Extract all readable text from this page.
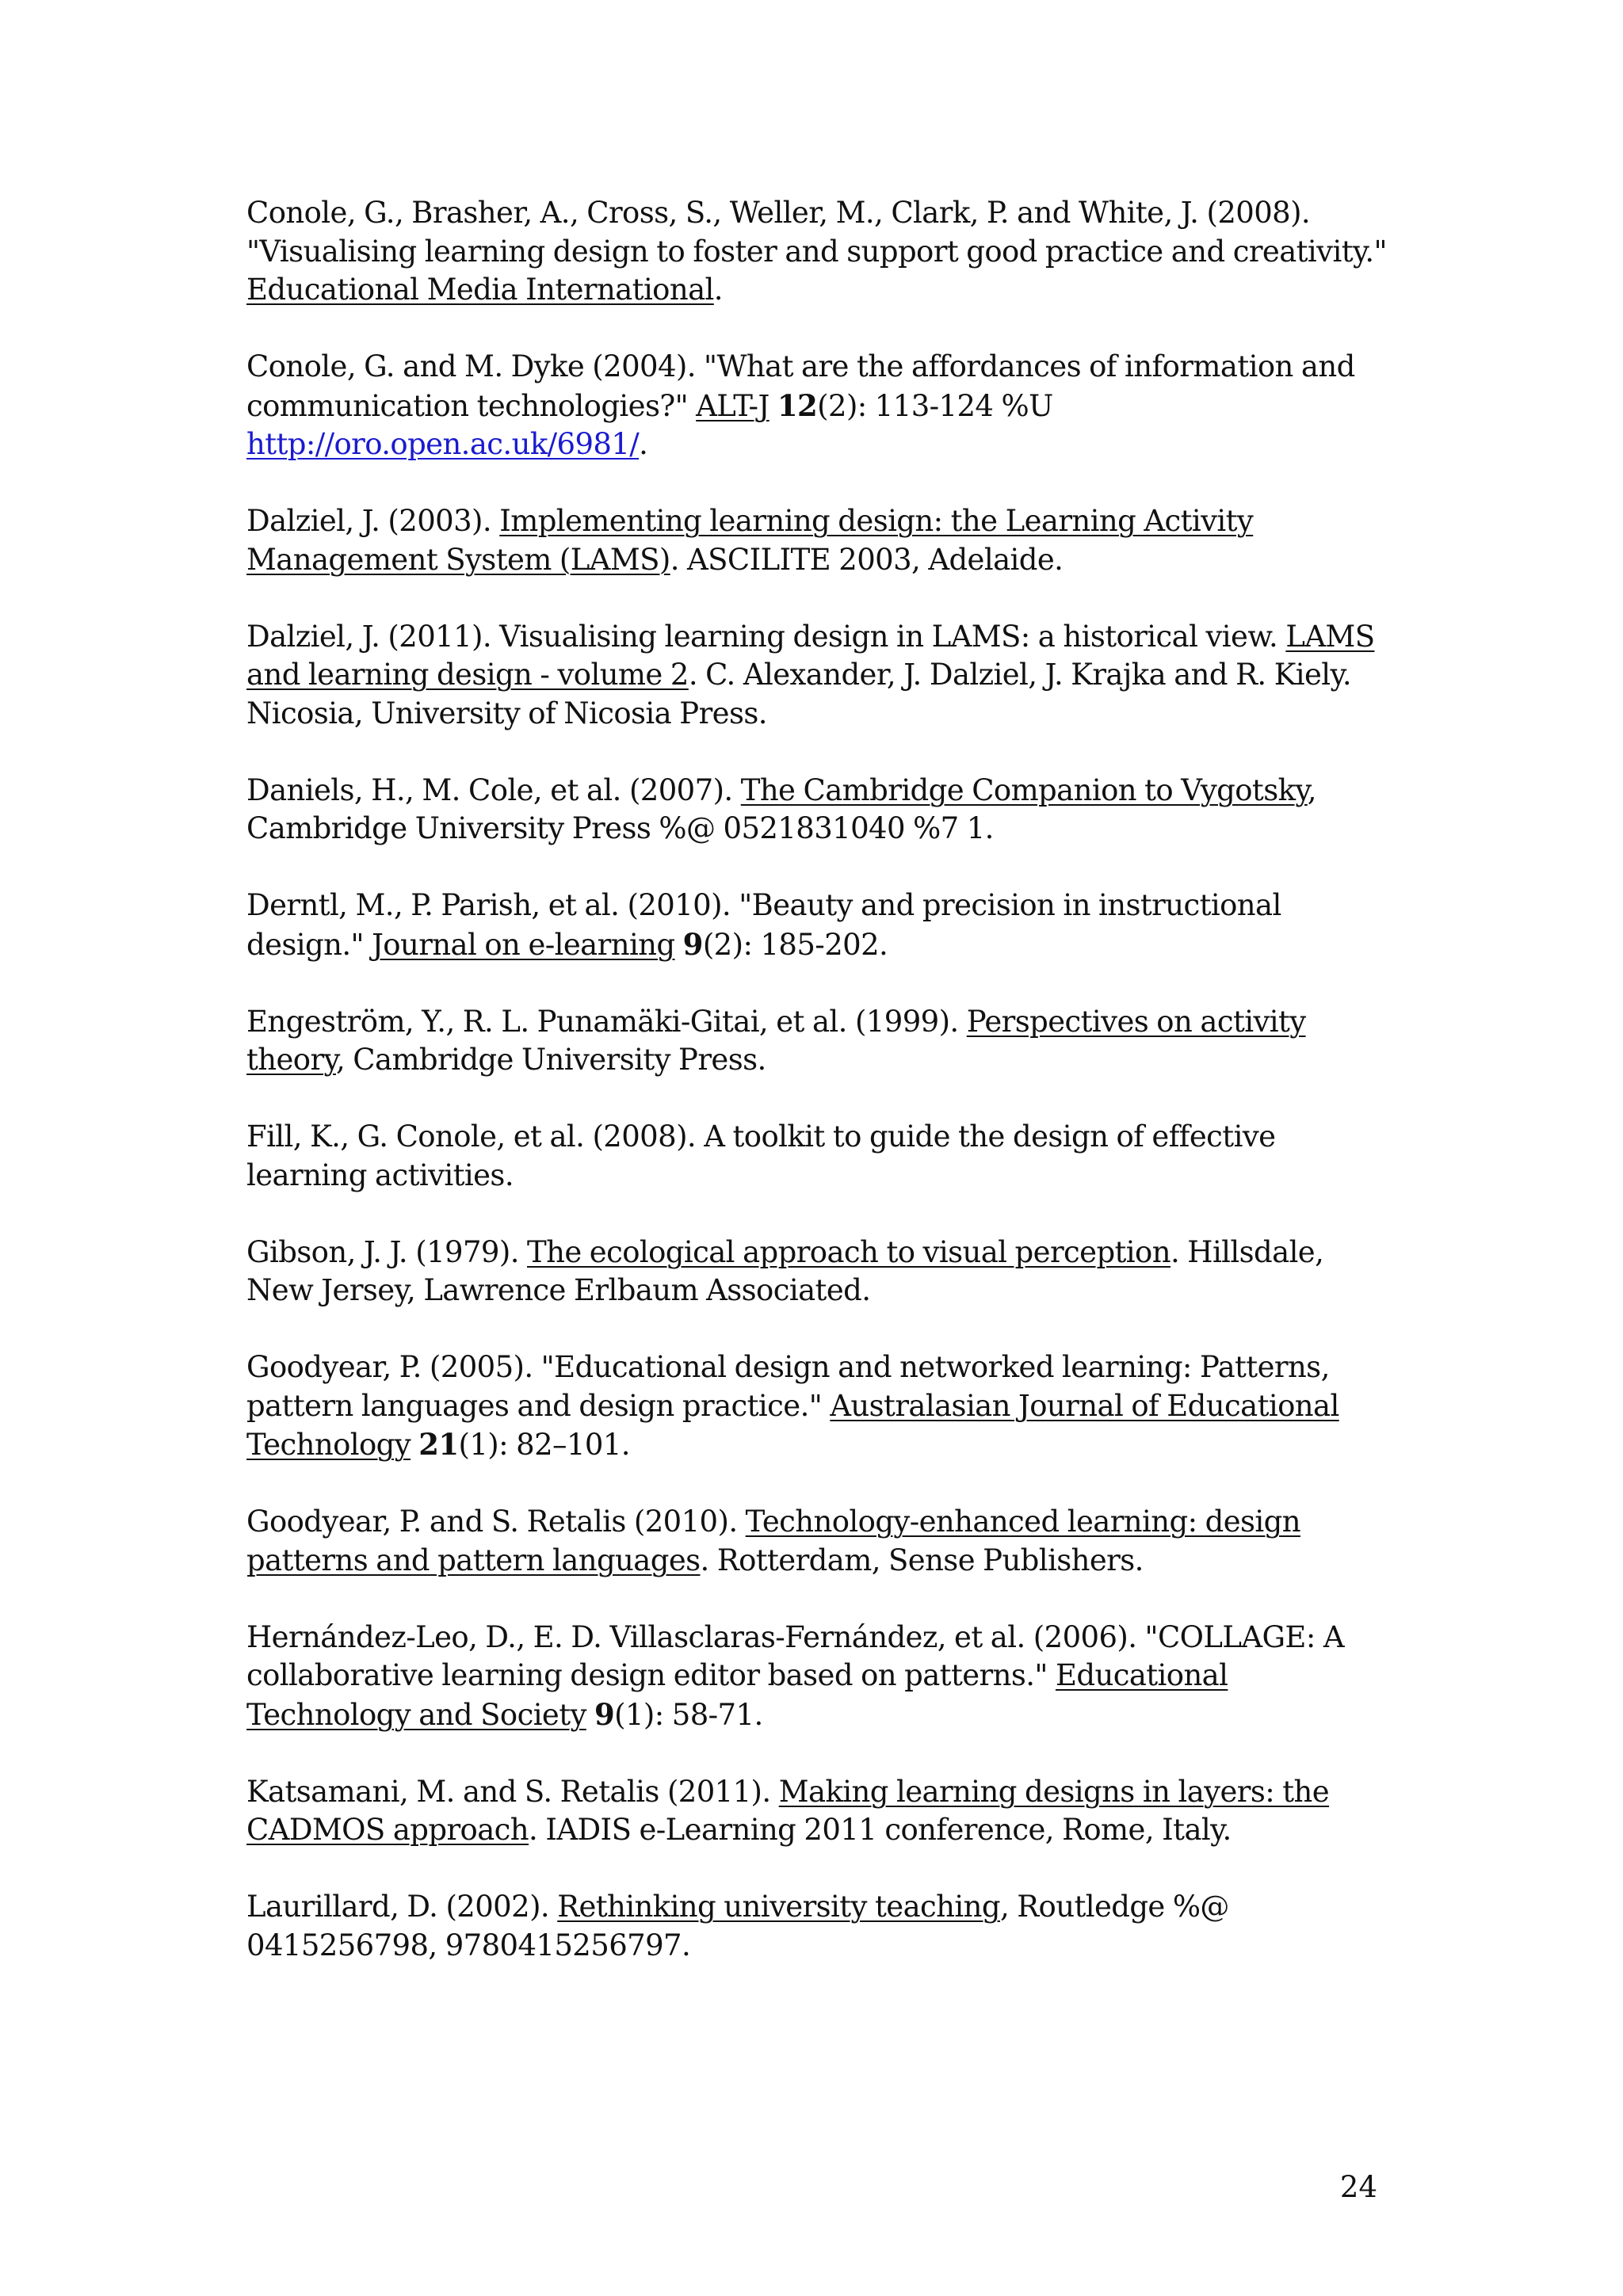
Conole, G., Brasher, A., Cross, S., Weller, M., Clark, P. and White, J. (2008). "Visualising learning design to foster and support good practice and creativity." Educational Media International.

Conole, G. and M. Dyke (2004). "What are the affordances of information and communication technologies?" ALT-J 12(2): 113-124 %U http://oro.open.ac.uk/6981/.

Dalziel, J. (2003). Implementing learning design: the Learning Activity Management System (LAMS). ASCILITE 2003, Adelaide.

Dalziel, J. (2011). Visualising learning design in LAMS: a historical view. LAMS and learning design - volume 2. C. Alexander, J. Dalziel, J. Krajka and R. Kiely. Nicosia, University of Nicosia Press.

Daniels, H., M. Cole, et al. (2007). The Cambridge Companion to Vygotsky, Cambridge University Press %@ 0521831040 %7 1.

Derntl, M., P. Parish, et al. (2010). "Beauty and precision in instructional design." Journal on e-learning 9(2): 185-202.

Engeström, Y., R. L. Punamäki-Gitai, et al. (1999). Perspectives on activity theory, Cambridge University Press.

Fill, K., G. Conole, et al. (2008). A toolkit to guide the design of effective learning activities.

Gibson, J. J. (1979). The ecological approach to visual perception. Hillsdale, New Jersey, Lawrence Erlbaum Associated.

Goodyear, P. (2005). "Educational design and networked learning: Patterns, pattern languages and design practice." Australasian Journal of Educational Technology 21(1): 82–101.

Goodyear, P. and S. Retalis (2010). Technology-enhanced learning: design patterns and pattern languages. Rotterdam, Sense Publishers.

Hernández-Leo, D., E. D. Villasclaras-Fernández, et al. (2006). "COLLAGE: A collaborative learning design editor based on patterns." Educational Technology and Society 9(1): 58-71.

Katsamani, M. and S. Retalis (2011). Making learning designs in layers: the CADMOS approach. IADIS e-Learning 2011 conference, Rome, Italy.

Laurillard, D. (2002). Rethinking university teaching, Routledge %@ 0415256798, 9780415256797.

24
